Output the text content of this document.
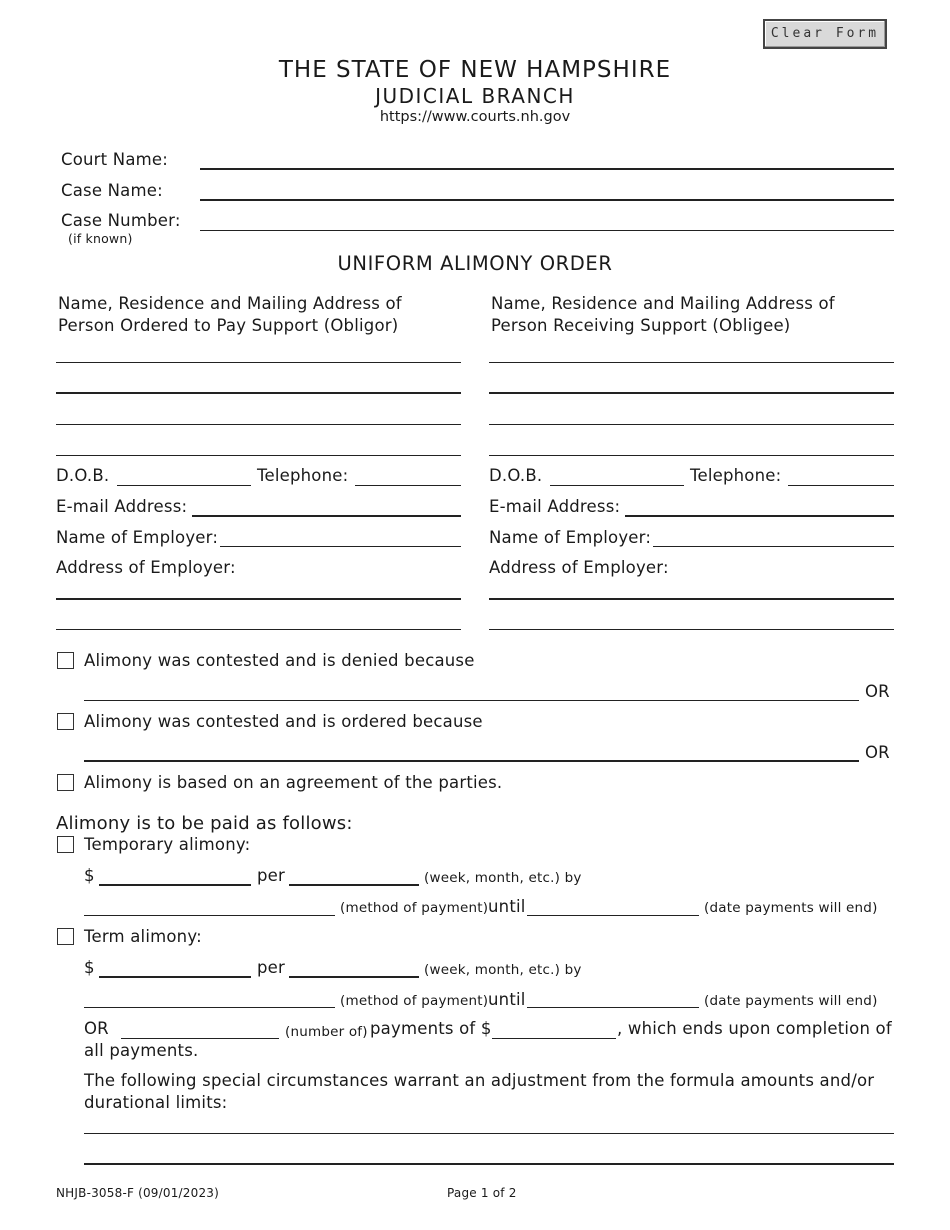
Clear Form
THE STATE OF NEW HAMPSHIRE
JUDICIAL BRANCH
https://www.courts.nh.gov
Court Name:
Case Name:
Case Number:
(if known)
UNIFORM ALIMONY ORDER
Name, Residence and Mailing Address of
Person Ordered to Pay Support (Obligor)
D.O.B.	Telephone:
E-mail Address:
Name of Employer:
Address of Employer:
Name, Residence and Mailing Address of
Person Receiving Support (Obligee)
D.O.B.	Telephone:
E-mail Address:
Name of Employer:
Address of Employer:
Alimony was contested and is denied because
OR
Alimony was contested and is ordered because
OR
Alimony is based on an agreement of the parties.
Alimony is to be paid as follows:
Temporary alimony:
$	per	(week, month, etc.) by
(method of payment) until	(date payments will end)
Term alimony:
$	per	(week, month, etc.) by
(method of payment) until	(date payments will end)
OR	(number of) payments of $	, which ends upon completion of
all payments.
The following special circumstances warrant an adjustment from the formula amounts and/or
durational limits:
NHJB-3058-F (09/01/2023)	Page 1 of 2
